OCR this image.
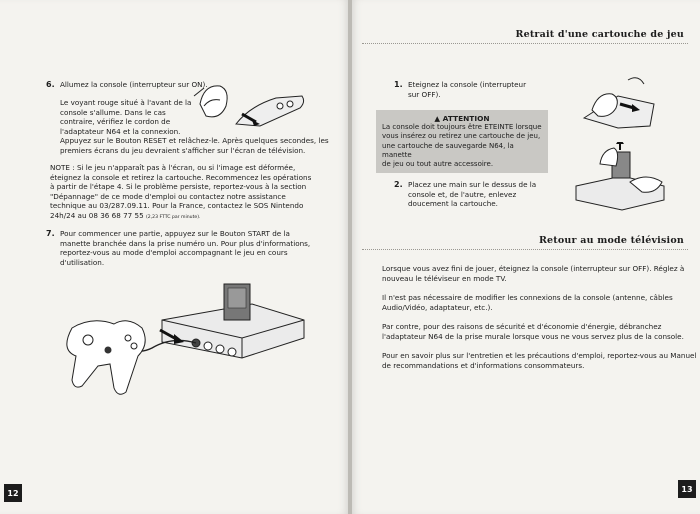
6. Allumez la console (interrupteur sur ON).
Le voyant rouge situé à l'avant de la
console s'allume. Dans le cas
contraire, vérifiez le cordon de
l'adaptateur N64 et la connexion.
Appuyez sur le Bouton RESET et relâchez-le. Après quelques secondes, les
premiers écrans du jeu devraient s'afficher sur l'écran de télévision.
NOTE : Si le jeu n'apparaît pas à l'écran, ou si l'image est déformée,
éteignez la console et retirez la cartouche. Recommencez les opérations
à partir de l'étape 4. Si le problème persiste, reportez-vous à la section
"Dépannage" de ce mode d'emploi ou contactez notre assistance
technique au 03/287.09.11. Pour la France, contactez le SOS Nintendo
24h/24 au 08 36 68 77 55 (2,23 FTTC par minute).
7. Pour commencer une partie, appuyez sur le Bouton START de la
manette branchée dans la prise numéro un. Pour plus d'informations,
reportez-vous au mode d'emploi accompagnant le jeu en cours
d'utilisation.
12
Retrait d'une cartouche de jeu
1. Eteignez la console (interrupteur
sur OFF).
▲ ATTENTION
La console doit toujours être ETEINTE lorsque
vous insérez ou retirez une cartouche de jeu,
une cartouche de sauvegarde N64, la manette
de jeu ou tout autre accessoire.
2. Placez une main sur le dessus de la
console et, de l'autre, enlevez
doucement la cartouche.
Retour au mode télévision
Lorsque vous avez fini de jouer, éteignez la console (interrupteur sur OFF). Réglez à
nouveau le téléviseur en mode TV.
Il n'est pas nécessaire de modifier les connexions de la console (antenne, câbles
Audio/Vidéo, adaptateur, etc.).
Par contre, pour des raisons de sécurité et d'économie d'énergie, débranchez
l'adaptateur N64 de la prise murale lorsque vous ne vous servez plus de la console.
Pour en savoir plus sur l'entretien et les précautions d'emploi, reportez-vous au Manuel
de recommandations et d'informations consommateurs.
13
